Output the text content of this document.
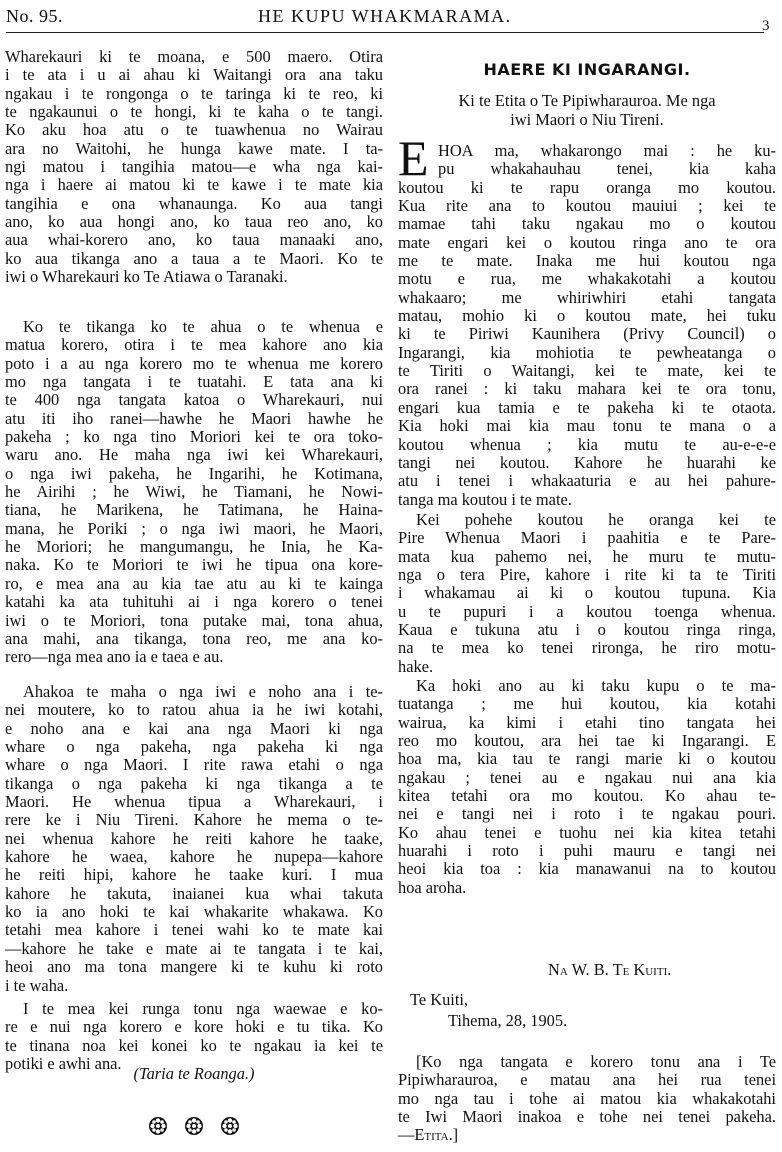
No. 95.	HE KUPU WHAKMARAMA.	3
Wharekauri ki te moana, e 500 maero. Otira
i te ata i u ai ahau ki Waitangi ora ana taku
ngakau i te rongonga o te taringa ki te reo, ki
te ngakaunui o te hongi, ki te kaha o te tangi.
Ko aku hoa atu o te tuawhenua no Wairau
ara no Waitohi, he hunga kawe mate. I ta-
ngi matou i tangihia matou—e wha nga kai-
nga i haere ai matou ki te kawe i te mate kia
tangihia e ona whanaunga. Ko aua tangi
ano, ko aua hongi ano, ko taua reo ano, ko
aua whai-korero ano, ko taua manaaki ano,
ko aua tikanga ano a taua a te Maori. Ko te
iwi o Wharekauri ko Te Atiawa o Taranaki.
Ko te tikanga ko te ahua o te whenua e
matua korero, otira i te mea kahore ano kia
poto i a au nga korero mo te whenua me korero
mo nga tangata i te tuatahi. E tata ana ki
te 400 nga tangata katoa o Wharekauri, nui
atu iti iho ranei—hawhe he Maori hawhe he
pakeha ; ko nga tino Moriori kei te ora toko-
waru ano. He maha nga iwi kei Wharekauri,
o nga iwi pakeha, he Ingarihi, he Kotimana,
he Airihi ; he Wiwi, he Tiamani, he Nowi-
tiana, he Marikena, he Tatimana, he Haina-
mana, he Poriki ; o nga iwi maori, he Maori,
he Moriori; he mangumangu, he Inia, he Ka-
naka. Ko te Moriori te iwi he tipua ona kore-
ro, e mea ana au kia tae atu au ki te kainga
katahi ka ata tuhituhi ai i nga korero o tenei
iwi o te Moriori, tona putake mai, tona ahua,
ana mahi, ana tikanga, tona reo, me ana ko-
rero—nga mea ano ia e taea e au.
Ahakoa te maha o nga iwi e noho ana i te-
nei moutere, ko to ratou ahua ia he iwi kotahi,
e noho ana e kai ana nga Maori ki nga
whare o nga pakeha, nga pakeha ki nga
whare o nga Maori. I rite rawa etahi o nga
tikanga o nga pakeha ki nga tikanga a te
Maori. He whenua tipua a Wharekauri, i
rere ke i Niu Tireni. Kahore he mema o te-
nei whenua kahore he reiti kahore he taake,
kahore he waea, kahore he nupepa—kahore
he reiti hipi, kahore he taake kuri. I mua
kahore he takuta, inaianei kua whai takuta
ko ia ano hoki te kai whakarite whakawa. Ko
tetahi mea kahore i tenei wahi ko te mate kai
—kahore he take e mate ai te tangata i te kai,
heoi ano ma tona mangere ki te kuhu ki roto
i te waha.
I te mea kei runga tonu nga waewae e ko-
re e nui nga korero e kore hoki e tu tika. Ko
te tinana noa kei konei ko te ngakau ia kei te
potiki e awhi ana.
(Taria te Roanga.)
HAERE KI INGARANGI.
Ki te Etita o Te Pipiwharauroa. Me nga
iwi Maori o Niu Tireni.
E HOA ma, whakarongo mai : he ku-
pu whakahauhau tenei, kia kaha
koutou ki te rapu oranga mo koutou.
Kua rite ana to koutou mauiui ; kei te
mamae tahi taku ngakau mo o koutou
mate engari kei o koutou ringa ano te ora
me te mate. Inaka me hui koutou nga
motu e rua, me whakakotahi a koutou
whakaaro; me whiriwhiri etahi tangata
matau, mohio ki o koutou mate, hei tuku
ki te Piriwi Kaunihera (Privy Council) o
Ingarangi, kia mohiotia te pewheatanga o
te Tiriti o Waitangi, kei te mate, kei te
ora ranei : ki taku mahara kei te ora tonu,
engari kua tamia e te pakeha ki te otaota.
Kia hoki mai kia mau tonu te mana o a
koutou whenua ; kia mutu te au-e-e-e
tangi nei koutou. Kahore he huarahi ke
atu i tenei i whakaaturia e au hei pahure-
tanga ma koutou i te mate.
Kei pohehe koutou he oranga kei te
Pire Whenua Maori i paahitia e te Pare-
mata kua pahemo nei, he muru te mutu-
nga o tera Pire, kahore i rite ki ta te Tiriti
i whakamau ai ki o koutou tupuna. Kia
u te pupuri i a koutou toenga whenua.
Kaua e tukuna atu i o koutou ringa ringa,
na te mea ko tenei rironga, he riro motu-
hake.
Ka hoki ano au ki taku kupu o te ma-
tuatanga ; me hui koutou, kia kotahi
wairua, ka kimi i etahi tino tangata hei
reo mo koutou, ara hei tae ki Ingarangi. E
hoa ma, kia tau te rangi marie ki o koutou
ngakau ; tenei au e ngakau nui ana kia
kitea tetahi ora mo koutou. Ko ahau te-
nei e tangi nei i roto i te ngakau pouri.
Ko ahau tenei e tuohu nei kia kitea tetahi
huarahi i roto i puhi mauru e tangi nei
heoi kia toa : kia manawanui na to koutou
hoa aroha.
Na W. B. Te Kuiti.
Te Kuiti,
Tihema, 28, 1905.
[Ko nga tangata e korero tonu ana i Te
Pipiwharauroa, e matau ana hei rua tenei
mo nga tau i tohe ai matou kia whakakotahi
te Iwi Maori inakoa e tohe nei tenei pakeha.
—Etita.]
